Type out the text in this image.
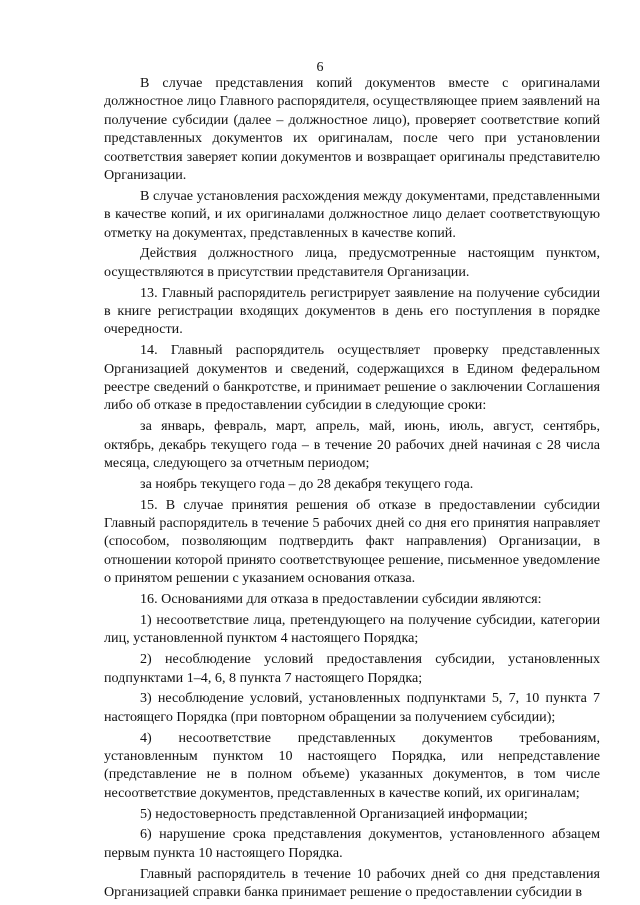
6

В случае представления копий документов вместе с оригиналами должностное лицо Главного распорядителя, осуществляющее прием заявлений на получение субсидии (далее – должностное лицо), проверяет соответствие копий представленных документов их оригиналам, после чего при установлении соответствия заверяет копии документов и возвращает оригиналы представителю Организации.

В случае установления расхождения между документами, представленными в качестве копий, и их оригиналами должностное лицо делает соответствующую отметку на документах, представленных в качестве копий.

Действия должностного лица, предусмотренные настоящим пунктом, осуществляются в присутствии представителя Организации.

13. Главный распорядитель регистрирует заявление на получение субсидии в книге регистрации входящих документов в день его поступления в порядке очередности.

14. Главный распорядитель осуществляет проверку представленных Организацией документов и сведений, содержащихся в Едином федеральном реестре сведений о банкротстве, и принимает решение о заключении Соглашения либо об отказе в предоставлении субсидии в следующие сроки:

за январь, февраль, март, апрель, май, июнь, июль, август, сентябрь, октябрь, декабрь текущего года – в течение 20 рабочих дней начиная с 28 числа месяца, следующего за отчетным периодом;

за ноябрь текущего года – до 28 декабря текущего года.

15. В случае принятия решения об отказе в предоставлении субсидии Главный распорядитель в течение 5 рабочих дней со дня его принятия направляет (способом, позволяющим подтвердить факт направления) Организации, в отношении которой принято соответствующее решение, письменное уведомление о принятом решении с указанием основания отказа.

16. Основаниями для отказа в предоставлении субсидии являются:

1) несоответствие лица, претендующего на получение субсидии, категории лиц, установленной пунктом 4 настоящего Порядка;

2) несоблюдение условий предоставления субсидии, установленных подпунктами 1–4, 6, 8 пункта 7 настоящего Порядка;

3) несоблюдение условий, установленных подпунктами 5, 7, 10 пункта 7 настоящего Порядка (при повторном обращении за получением субсидии);

4) несоответствие представленных документов требованиям, установленным пунктом 10 настоящего Порядка, или непредставление (представление не в полном объеме) указанных документов, в том числе несоответствие документов, представленных в качестве копий, их оригиналам;

5) недостоверность представленной Организацией информации;

6) нарушение срока представления документов, установленного абзацем первым пункта 10 настоящего Порядка.

Главный распорядитель в течение 10 рабочих дней со дня представления Организацией справки банка принимает решение о предоставлении субсидии в
